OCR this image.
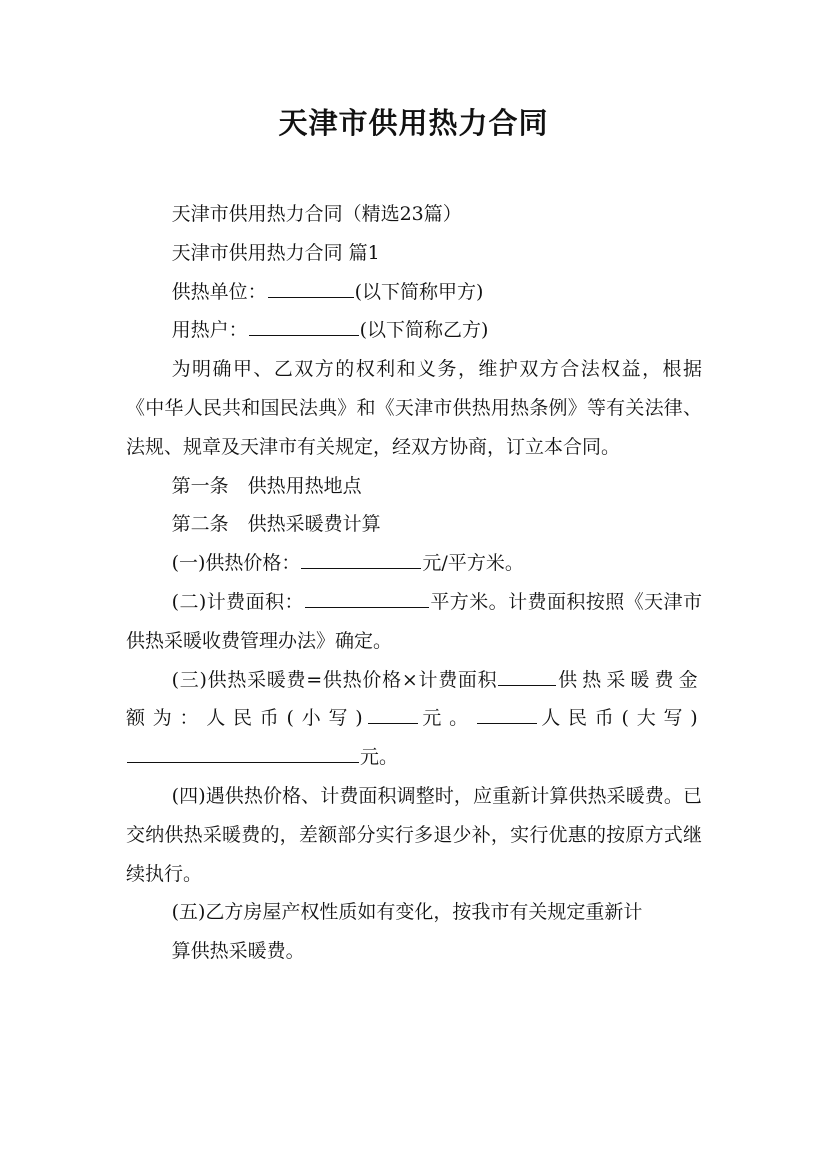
天津市供用热力合同

天津市供用热力合同（精选23篇）

天津市供用热力合同 篇1

供热单位：	(以下简称甲方)

用热户：	(以下简称乙方)

为明确甲、乙双方的权利和义务，维护双方合法权益，根据《中华人民共和国民法典》和《天津市供热用热条例》等有关法律、法规、规章及天津市有关规定，经双方协商，订立本合同。

第一条　供热用热地点

第二条　供热采暖费计算

(一)供热价格：	元/平方米。

(二)计费面积：	平方米。计费面积按照《天津市供热采暖收费管理办法》确定。

(三)供热采暖费=供热价格×计费面积	供热采暖费金额为：人民币(小写)	元。	人民币(大写)元。

(四)遇供热价格、计费面积调整时，应重新计算供热采暖费。已交纳供热采暖费的，差额部分实行多退少补，实行优惠的按原方式继续执行。

(五)乙方房屋产权性质如有变化，按我市有关规定重新计

算供热采暖费。
